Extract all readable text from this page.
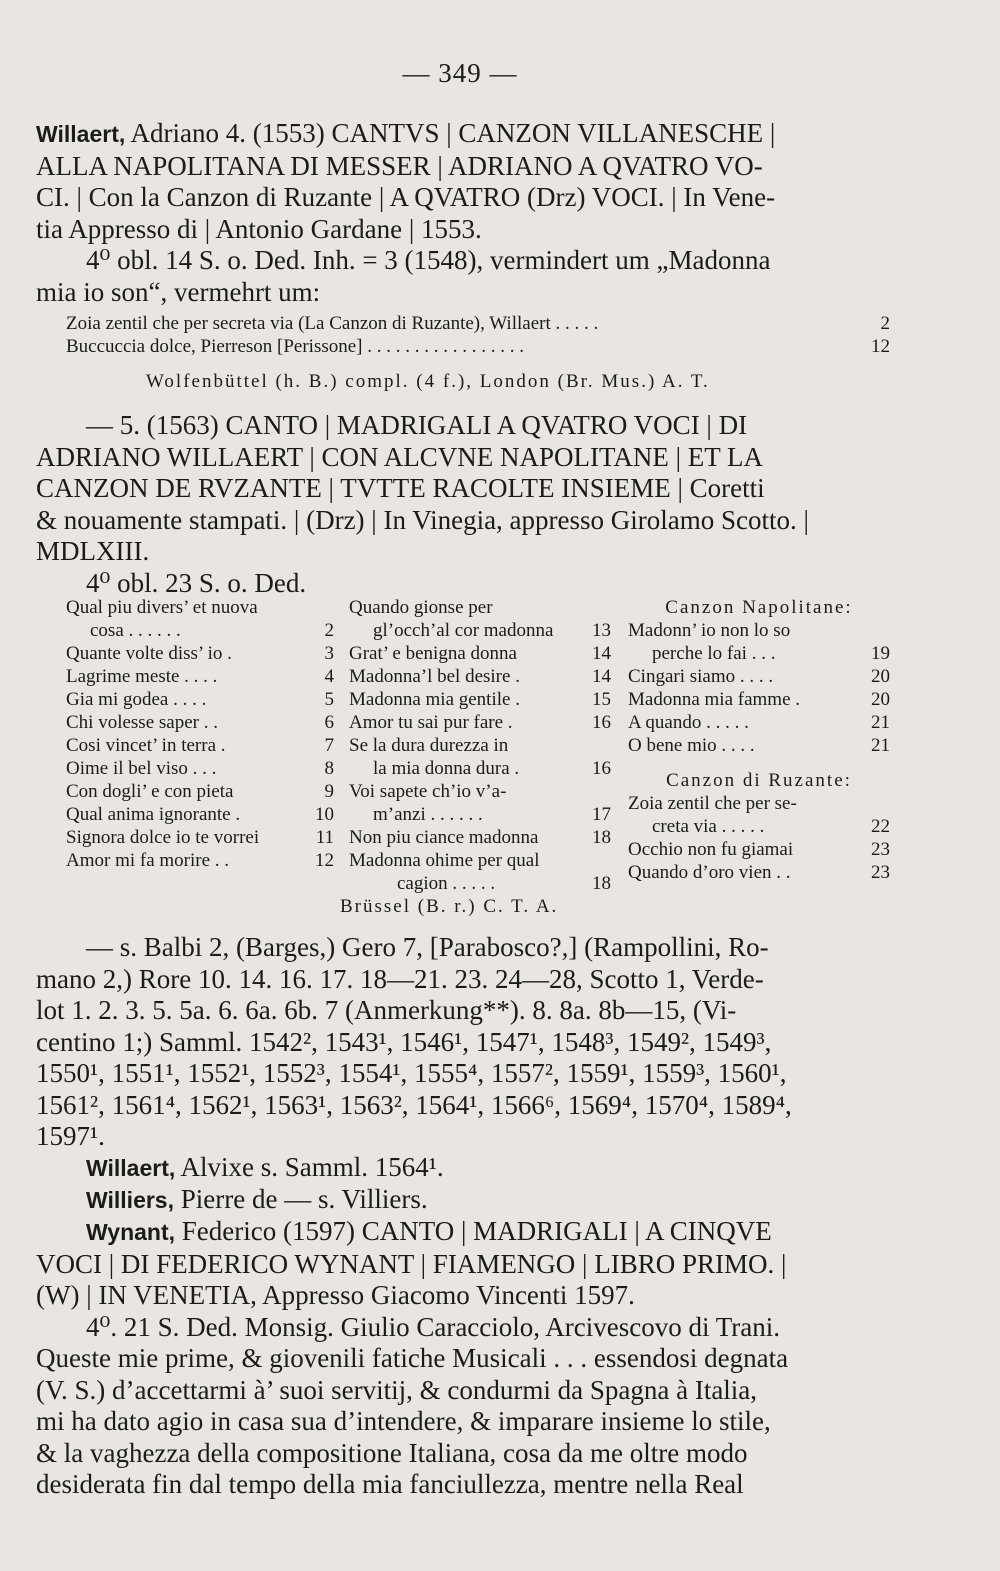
— 349 —
Willaert, Adriano 4. (1553) CANTVS | CANZON VILLANESCHE |
ALLA NAPOLITANA DI MESSER | ADRIANO A QVATRO VO-
CI. | Con la Canzon di Ruzante | A QVATRO (Drz) VOCI. | In Vene-
tia Appresso di | Antonio Gardane | 1553.
4⁰ obl. 14 S. o. Ded. Inh. = 3 (1548), vermindert um „Madonna
mia io son“, vermehrt um:
Zoia zentil che per secreta via (La Canzon di Ruzante), Willaert . . . . .	2
Buccuccia dolce, Pierreson [Perissone] . . . . . . . . . . . . . . . . .	12
Wolfenbüttel (h. B.) compl. (4 f.), London (Br. Mus.) A. T.
— 5. (1563) CANTO | MADRIGALI A QVATRO VOCI | DI
ADRIANO WILLAERT | CON ALCVNE NAPOLITANE | ET LA
CANZON DE RVZANTE | TVTTE RACOLTE INSIEME | Coretti
& nouamente stampati. | (Drz) | In Vinegia, appresso Girolamo Scotto. |
MDLXIII.
4⁰ obl. 23 S. o. Ded.
Qual piu divers’ et nuova
cosa . . . . . .	2
Quante volte diss’ io .	3
Lagrime meste . . . .	4
Gia mi godea . . . .	5
Chi volesse saper . .	6
Cosi vincet’ in terra .	7
Oime il bel viso . . .	8
Con dogli’ e con pieta	9
Qual anima ignorante .	10
Signora dolce io te vorrei	11
Amor mi fa morire . .	12
Quando gionse per
gl’occh’al cor madonna	13
Grat’ e benigna donna	14
Madonna’l bel desire .	14
Madonna mia gentile .	15
Amor tu sai pur fare .	16
Se la dura durezza in
la mia donna dura .	16
Voi sapete ch’io v’a-
m’anzi . . . . . .	17
Non piu ciance madonna	18
Madonna ohime per qual
cagion . . . . .	18
Canzon Napolitane:
Madonn’ io non lo so
perche lo fai . . .	19
Cingari siamo . . . .	20
Madonna mia famme .	20
A quando . . . . .	21
O bene mio . . . .	21
Canzon di Ruzante:
Zoia zentil che per se-
creta via . . . . .	22
Occhio non fu giamai	23
Quando d’oro vien . .	23
Brüssel (B. r.) C. T. A.
— s. Balbi 2, (Barges,) Gero 7, [Parabosco?,] (Rampollini, Ro-
mano 2,) Rore 10. 14. 16. 17. 18—21. 23. 24—28, Scotto 1, Verde-
lot 1. 2. 3. 5. 5a. 6. 6a. 6b. 7 (Anmerkung**). 8. 8a. 8b—15, (Vi-
centino 1;) Samml. 1542², 1543¹, 1546¹, 1547¹, 1548³, 1549², 1549³,
1550¹, 1551¹, 1552¹, 1552³, 1554¹, 1555⁴, 1557², 1559¹, 1559³, 1560¹,
1561², 1561⁴, 1562¹, 1563¹, 1563², 1564¹, 1566⁶, 1569⁴, 1570⁴, 1589⁴,
1597¹.
Willaert, Alvixe s. Samml. 1564¹.
Williers, Pierre de — s. Villiers.
Wynant, Federico (1597) CANTO | MADRIGALI | A CINQVE
VOCI | DI FEDERICO WYNANT | FIAMENGO | LIBRO PRIMO. |
(W) | IN VENETIA, Appresso Giacomo Vincenti 1597.
4⁰. 21 S. Ded. Monsig. Giulio Caracciolo, Arcivescovo di Trani.
Queste mie prime, & giovenili fatiche Musicali . . . essendosi degnata
(V. S.) d’accettarmi à’ suoi servitij, & condurmi da Spagna à Italia,
mi ha dato agio in casa sua d’intendere, & imparare insieme lo stile,
& la vaghezza della compositione Italiana, cosa da me oltre modo
desiderata fin dal tempo della mia fanciullezza, mentre nella Real
